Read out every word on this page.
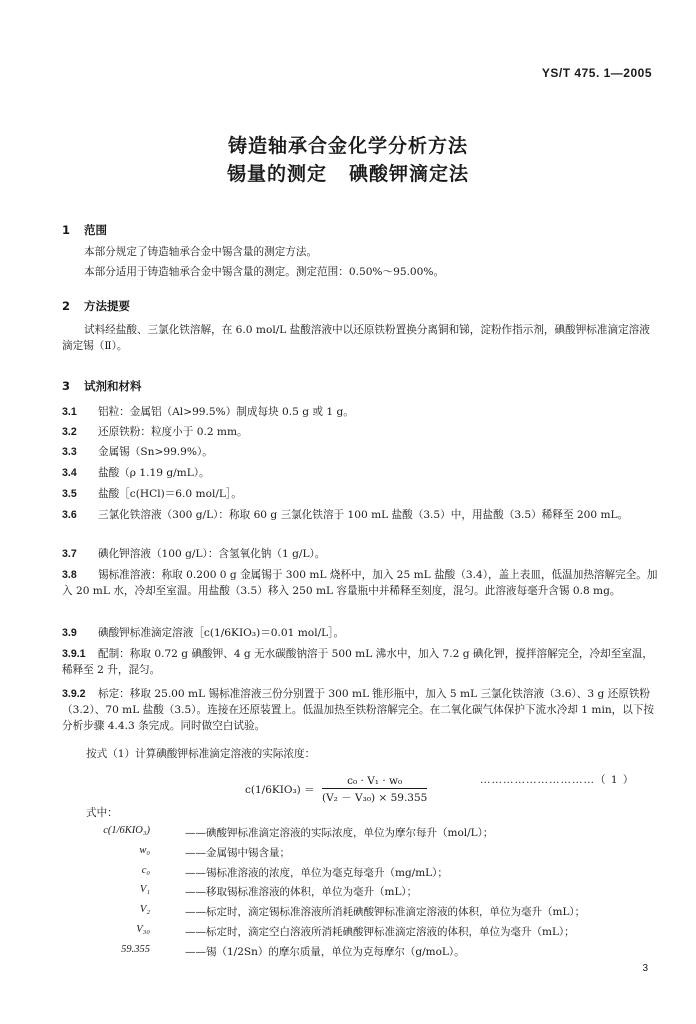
YS/T 475. 1—2005
铸造轴承合金化学分析方法
锡量的测定 碘酸钾滴定法
1 范围
本部分规定了铸造轴承合金中锡含量的测定方法。
本部分适用于铸造轴承合金中锡含量的测定。测定范围：0.50%～95.00%。
2 方法提要
试料经盐酸、三氯化铁溶解，在 6.0 mol/L 盐酸溶液中以还原铁粉置换分离铜和锑，淀粉作指示剂，碘酸钾标准滴定溶液滴定锡（Ⅱ）。
3 试剂和材料
3.1 铝粒：金属铝（Al>99.5%）制成每块 0.5 g 或 1 g。
3.2 还原铁粉：粒度小于 0.2 mm。
3.3 金属锡（Sn>99.9%）。
3.4 盐酸（ρ 1.19 g/mL）。
3.5 盐酸［c(HCl)＝6.0 mol/L］。
3.6 三氯化铁溶液（300 g/L）：称取 60 g 三氯化铁溶于 100 mL 盐酸（3.5）中，用盐酸（3.5）稀释至 200 mL。
3.7 碘化钾溶液（100 g/L）：含氢氧化钠（1 g/L）。
3.8 锡标准溶液：称取 0.200 0 g 金属锡于 300 mL 烧杯中，加入 25 mL 盐酸（3.4），盖上表皿，低温加热溶解完全。加入 20 mL 水，冷却至室温。用盐酸（3.5）移入 250 mL 容量瓶中并稀释至刻度，混匀。此溶液每毫升含锡 0.8 mg。
3.9 碘酸钾标准滴定溶液［c(1/6KIO₃)＝0.01 mol/L］。
3.9.1 配制：称取 0.72 g 碘酸钾、4 g 无水碳酸钠溶于 500 mL 沸水中，加入 7.2 g 碘化钾，搅拌溶解完全，冷却至室温，稀释至 2 升，混匀。
3.9.2 标定：移取 25.00 mL 锡标准溶液三份分别置于 300 mL 锥形瓶中，加入 5 mL 三氯化铁溶液（3.6）、3 g 还原铁粉（3.2）、70 mL 盐酸（3.5）。连接在还原装置上。低温加热至铁粉溶解完全。在二氧化碳气体保护下流水冷却 1 min，以下按分析步骤 4.4.3 条完成。同时做空白试验。
按式（1）计算碘酸钾标准滴定溶液的实际浓度：
$c(1/6KIO_3) = \frac{\text{c₀ · V₁ · w₀}}{\text{(V₂ － V₃₀) × 59.355}}$	…………………………（ 1 ）
式中：
c(1/6KIO₃)	——碘酸钾标准滴定溶液的实际浓度，单位为摩尔每升（mol/L）；
w₀	——金属锡中锡含量；
c₀	——锡标准溶液的浓度，单位为毫克每毫升（mg/mL）；
V₁	——移取锡标准溶液的体积，单位为毫升（mL）；
V₂	——标定时，滴定锡标准溶液所消耗碘酸钾标准滴定溶液的体积，单位为毫升（mL）；
V₃₀	——标定时，滴定空白溶液所消耗碘酸钾标准滴定溶液的体积，单位为毫升（mL）；
59.355	——锡（1/2Sn）的摩尔质量，单位为克每摩尔（g/moL）。
3
